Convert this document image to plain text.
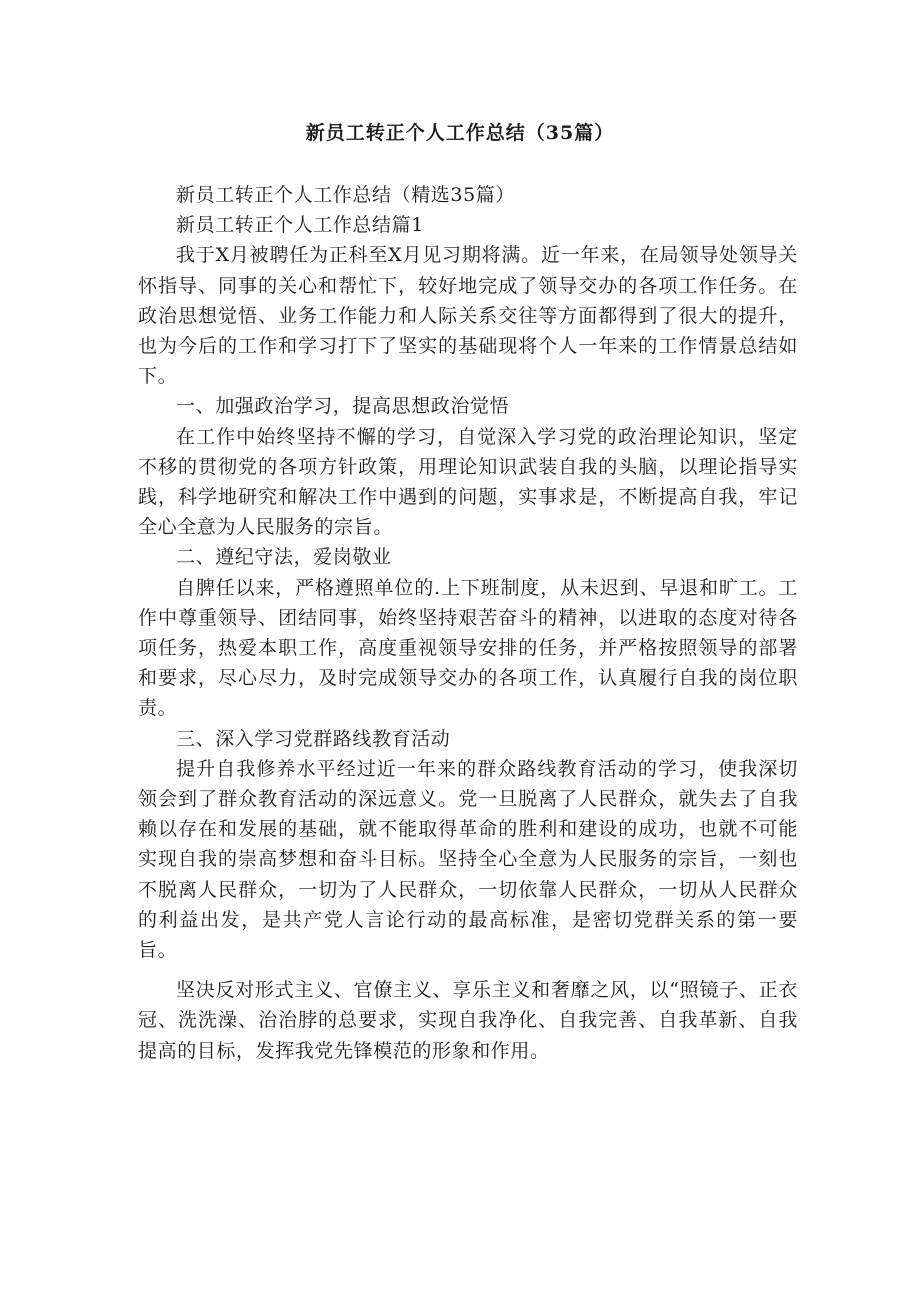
新员工转正个人工作总结（35篇）

新员工转正个人工作总结（精选35篇）

新员工转正个人工作总结篇1

我于X月被聘任为正科至X月见习期将满。近一年来，在局领导处领导关怀指导、同事的关心和帮忙下，较好地完成了领导交办的各项工作任务。在政治思想觉悟、业务工作能力和人际关系交往等方面都得到了很大的提升，也为今后的工作和学习打下了坚实的基础现将个人一年来的工作情景总结如下。

一、加强政治学习，提高思想政治觉悟

在工作中始终坚持不懈的学习，自觉深入学习党的政治理论知识，坚定不移的贯彻党的各项方针政策，用理论知识武装自我的头脑，以理论指导实践，科学地研究和解决工作中遇到的问题，实事求是，不断提高自我，牢记全心全意为人民服务的宗旨。

二、遵纪守法，爱岗敬业

自脾任以来，严格遵照单位的.上下班制度，从未迟到、早退和旷工。工作中尊重领导、团结同事，始终坚持艰苦奋斗的精神，以进取的态度对待各项任务，热爱本职工作，高度重视领导安排的任务，并严格按照领导的部署和要求，尽心尽力，及时完成领导交办的各项工作，认真履行自我的岗位职责。

三、深入学习党群路线教育活动

提升自我修养水平经过近一年来的群众路线教育活动的学习，使我深切领会到了群众教育活动的深远意义。党一旦脱离了人民群众，就失去了自我赖以存在和发展的基础，就不能取得革命的胜利和建设的成功，也就不可能实现自我的崇高梦想和奋斗目标。坚持全心全意为人民服务的宗旨，一刻也不脱离人民群众，一切为了人民群众，一切依靠人民群众，一切从人民群众的利益出发，是共产党人言论行动的最高标准，是密切党群关系的第一要旨。

坚决反对形式主义、官僚主义、享乐主义和奢靡之风，以“照镜子、正衣冠、洗洗澡、治治脖的总要求，实现自我净化、自我完善、自我革新、自我提高的目标，发挥我党先锋模范的形象和作用。
